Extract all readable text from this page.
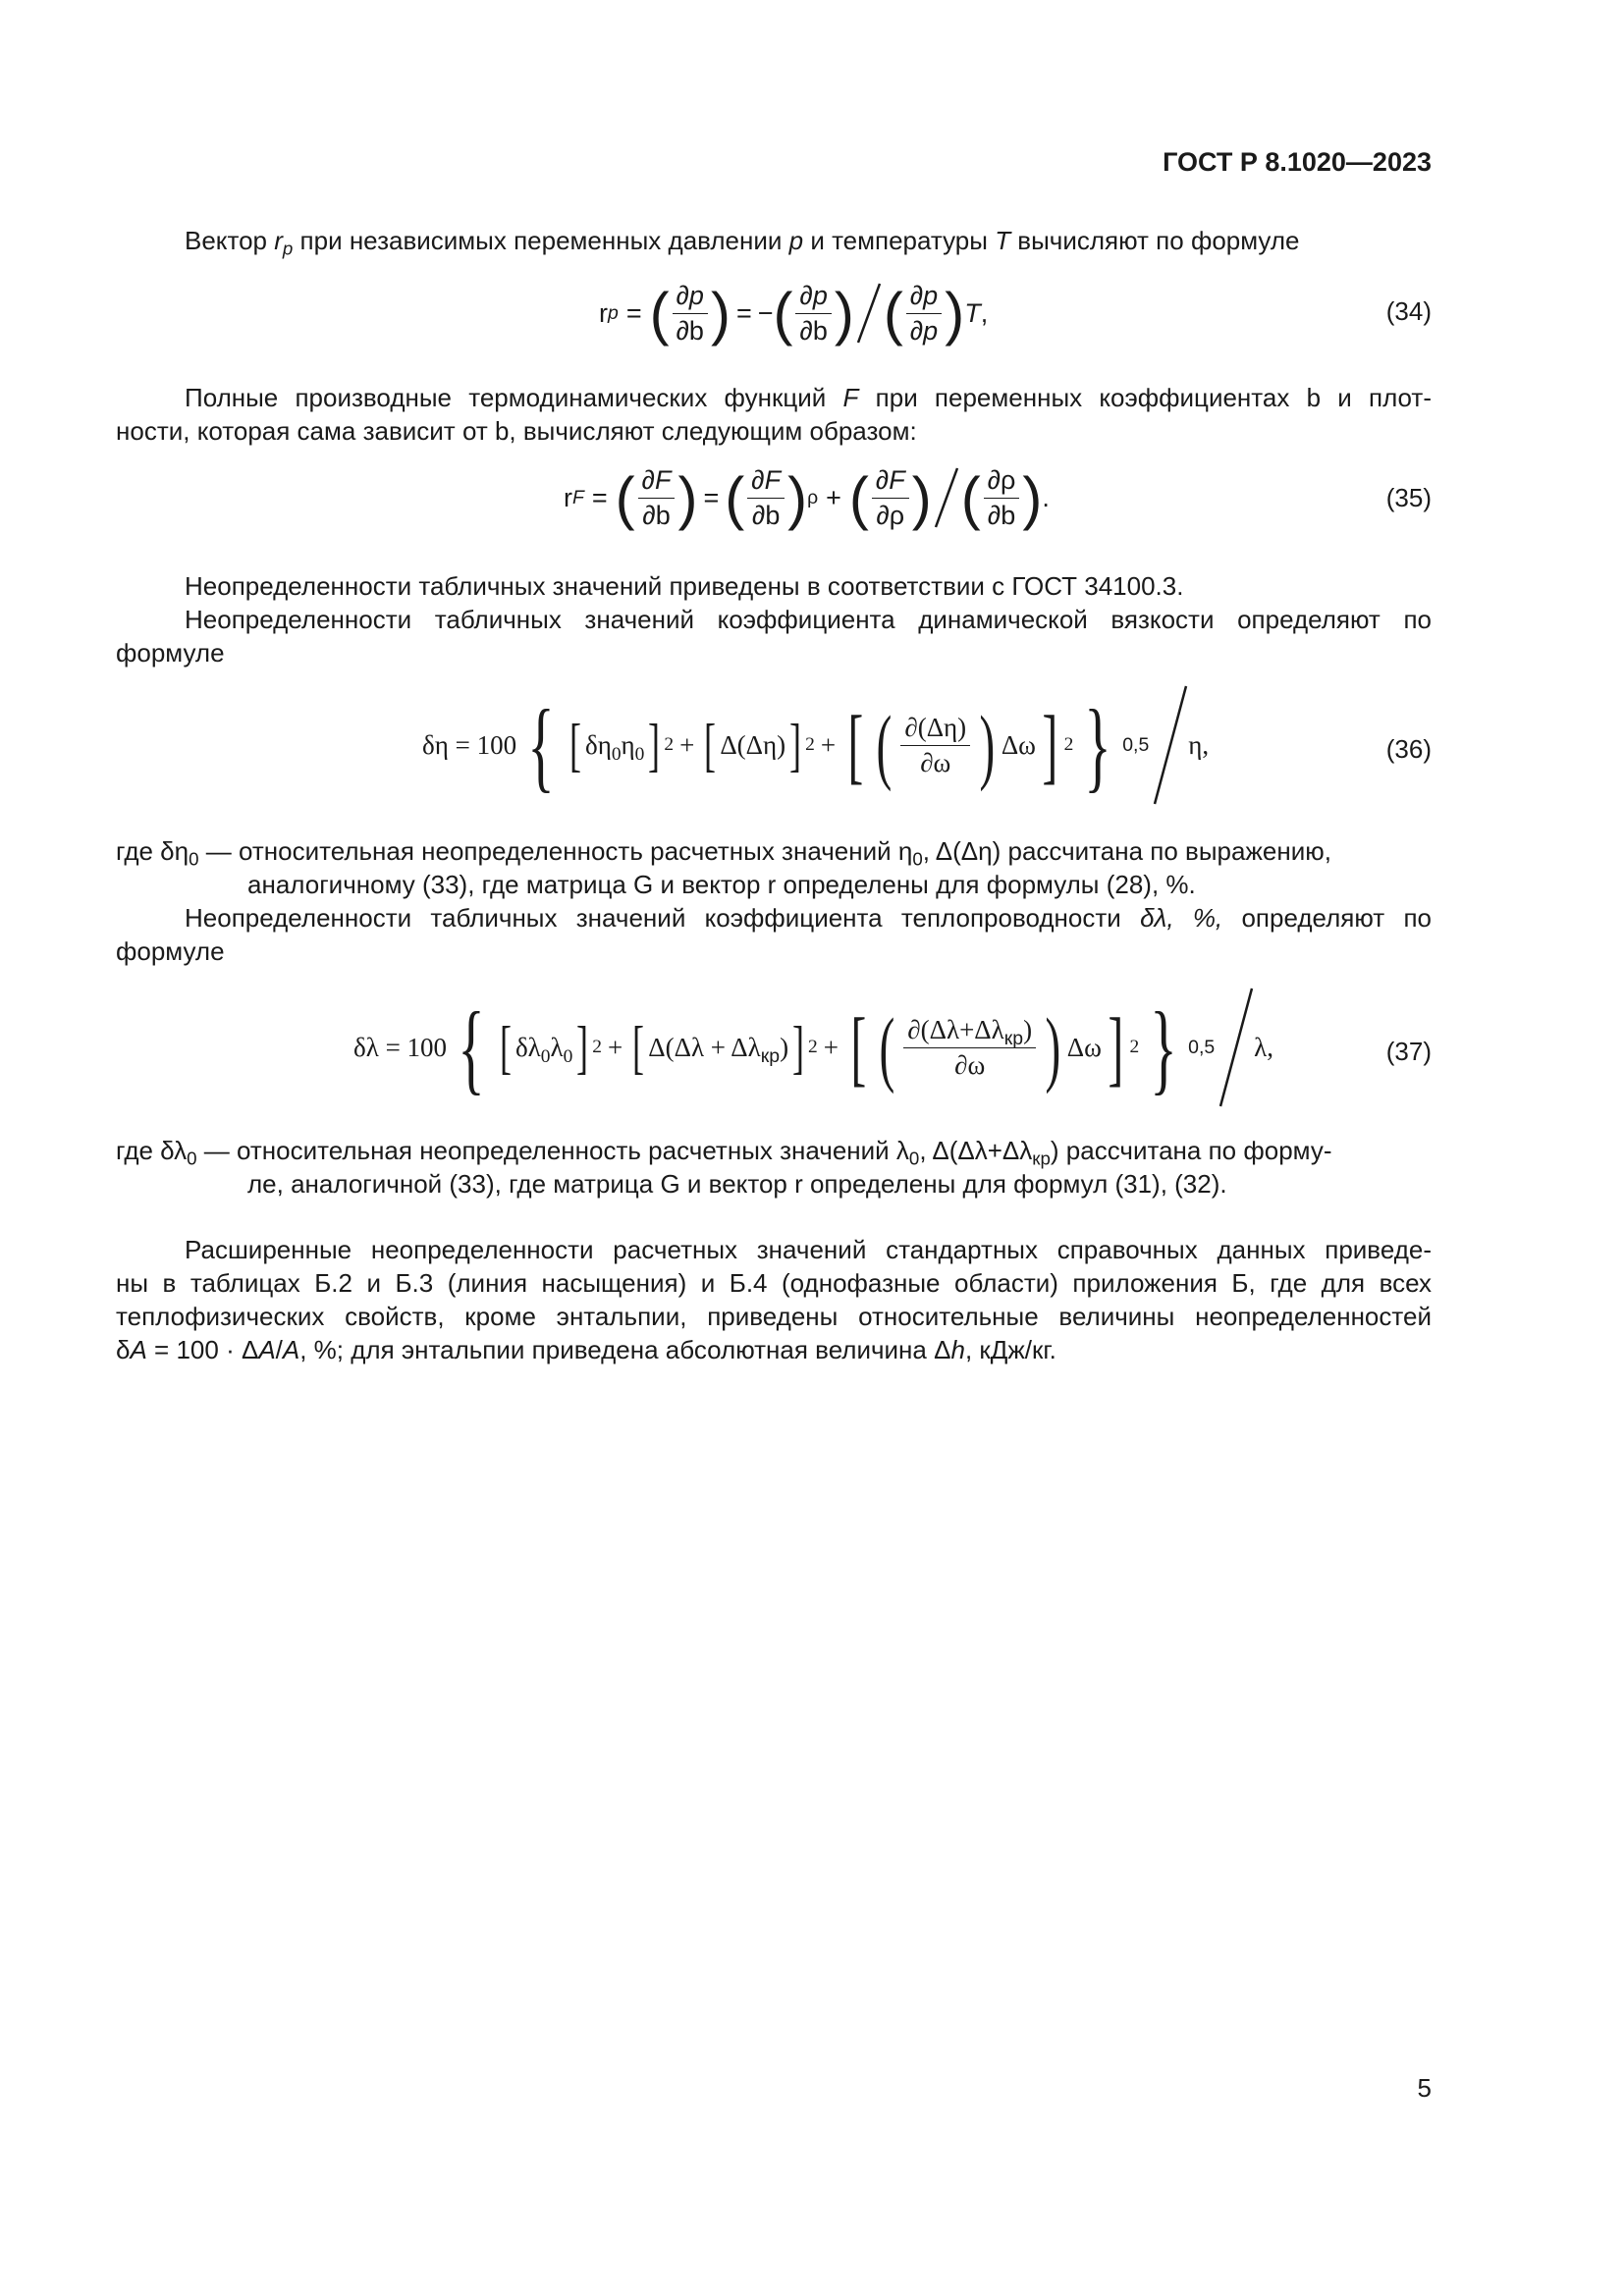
ГОСТ Р 8.1020—2023
Вектор $r_p$ при независимых переменных давлении p и температуры T вычисляют по формуле
r p = ( $\frac{\partial p}{\partial b}$ ) = − ( $\frac{\partial p}{\partial b}$ ) ( $\frac{\partial p}{\partial p}$ ) T ,	(34)
Полные производные термодинамических функций F при переменных коэффициентах b и плот-
ности, которая сама зависит от b, вычисляют следующим образом:
r F = ( $\frac{\partial F}{\partial b}$ ) = ( $\frac{\partial F}{\partial b}$ ) ρ + ( $\frac{\partial F}{\partial\rho}$ ) ( $\frac{\partial\rho}{\partial b}$ ) .	(35)
Неопределенности табличных значений приведены в соответствии с ГОСТ 34100.3.
Неопределенности табличных значений коэффициента динамической вязкости определяют по
формуле
δη = 100 { [ $\delta\eta_0\eta_0$ ] 2 + [ Δ(Δη) ] 2 + [ ( $\frac{\partial(\Delta\eta)}{\partial\omega}$ ) Δω ] 2 } 0,5 η,	(36)
где $\delta\eta_0$ — относительная неопределенность расчетных значений $\eta_0$, Δ(Δη) рассчитана по выражению,
аналогичному (33), где матрица G и вектор r определены для формулы (28), %.
Неопределенности табличных значений коэффициента теплопроводности δλ, %, определяют по
формуле
δλ = 100 { [ $\delta\lambda_0\lambda_0$ ] 2 + [ $\Delta(\Delta\lambda + \Delta\lambda_{кр})$ ] 2 + [ ( $\frac{\partial(\Delta\lambda+\Delta\lambda_{кр})}{\partial\omega}$ ) Δω ] 2 } 0,5 λ,	(37)
где $\delta\lambda_0$ — относительная неопределенность расчетных значений $\lambda_0$, $\Delta(\Delta\lambda+\Delta\lambda_{кр})$ рассчитана по форму-
ле, аналогичной (33), где матрица G и вектор r определены для формул (31), (32).
Расширенные неопределенности расчетных значений стандартных справочных данных приведе-
ны в таблицах Б.2 и Б.3 (линия насыщения) и Б.4 (однофазные области) приложения Б, где для всех
теплофизических свойств, кроме энтальпии, приведены относительные величины неопределенностей
δA = 100 · ΔA/A, %; для энтальпии приведена абсолютная величина Δh, кДж/кг.
5
